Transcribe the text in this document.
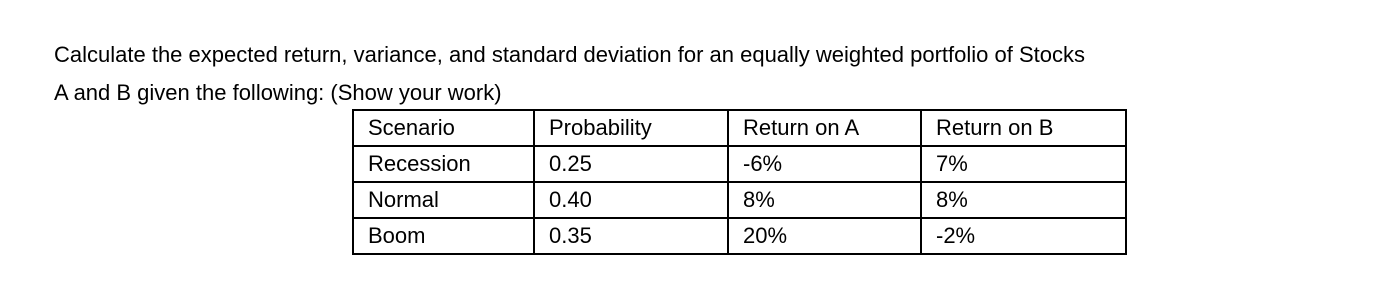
Calculate the expected return, variance, and standard deviation for an equally weighted portfolio of Stocks
A and B given the following: (Show your work)

Scenario	Probability	Return on A	Return on B
Recession	0.25	-6%	7%
Normal	0.40	8%	8%
Boom	0.35	20%	-2%
